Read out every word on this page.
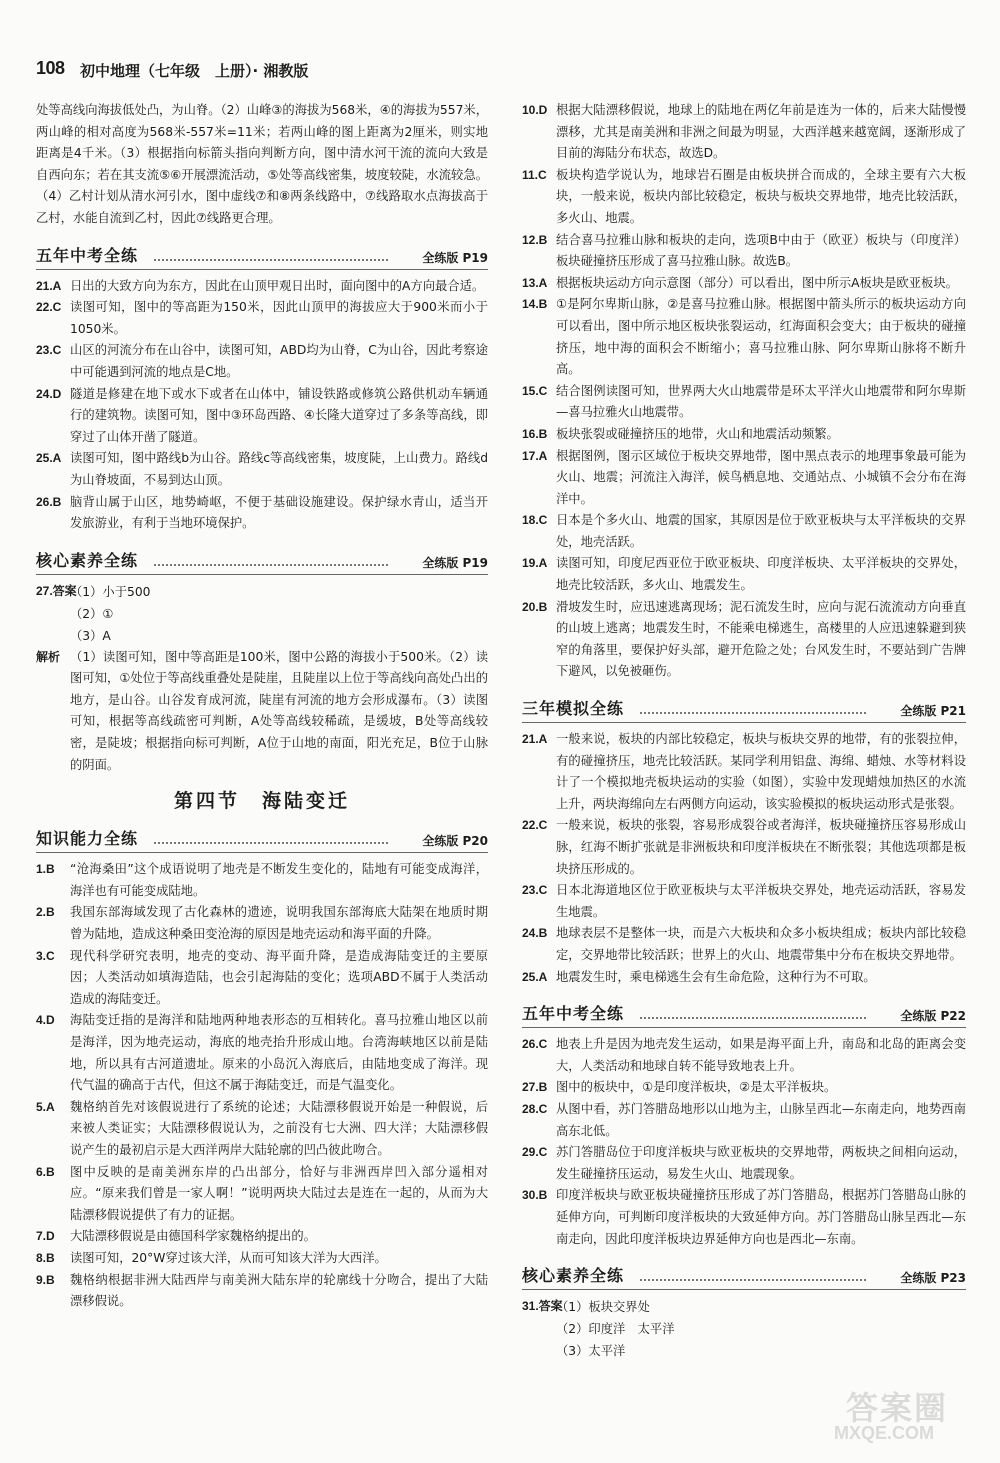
108 初中地理（七年级　上册）· 湘教版

处等高线向海拔低处凸，为山脊。（2）山峰③的海拔为568米，④的海拔为557米，两山峰的相对高度为568米-557米=11米；若两山峰的图上距离为2厘米，则实地距离是4千米。（3）根据指向标箭头指向判断方向，图中清水河干流的流向大致是自西向东；若在其支流⑤⑥开展漂流活动，⑤处等高线密集，坡度较陡，水流较急。（4）乙村计划从清水河引水，图中虚线⑦和⑧两条线路中，⑦线路取水点海拔高于乙村，水能自流到乙村，因此⑦线路更合理。

五年中考全练	全练版 P19
21.A 日出的大致方向为东方，因此在山顶甲观日出时，面向图中的A方向最合适。

22.C 读图可知，图中的等高距为150米，因此山顶甲的海拔应大于900米而小于1050米。

23.C 山区的河流分布在山谷中，读图可知，ABD均为山脊，C为山谷，因此考察途中可能遇到河流的地点是C地。

24.D 隧道是修建在地下或水下或者在山体中，铺设铁路或修筑公路供机动车辆通行的建筑物。读图可知，图中③环岛西路、④长隆大道穿过了多条等高线，即穿过了山体开凿了隧道。

25.A 读图可知，图中路线b为山谷。路线c等高线密集，坡度陡，上山费力。路线d为山脊坡面，不易到达山顶。

26.B 脑背山属于山区，地势崎岖，不便于基础设施建设。保护绿水青山，适当开发旅游业，有利于当地环境保护。

核心素养全练	全练版 P19
27.答案
（1）小于500
（2）①
（3）A
解析 （1）读图可知，图中等高距是100米，图中公路的海拔小于500米。（2）读图可知，①处位于等高线重叠处是陡崖，且陡崖以上位于等高线向高处凸出的地方，是山谷。山谷发育成河流，陡崖有河流的地方会形成瀑布。（3）读图可知，根据等高线疏密可判断，A处等高线较稀疏，是缓坡，B处等高线较密，是陡坡；根据指向标可判断，A位于山地的南面，阳光充足，B位于山脉的阴面。

第四节　海陆变迁
知识能力全练	全练版 P20
1.B “沧海桑田”这个成语说明了地壳是不断发生变化的，陆地有可能变成海洋，海洋也有可能变成陆地。

2.B 我国东部海域发现了古化森林的遗迹，说明我国东部海底大陆架在地质时期曾为陆地，造成这种桑田变沧海的原因是地壳运动和海平面的升降。

3.C 现代科学研究表明，地壳的变动、海平面升降，是造成海陆变迁的主要原因；人类活动如填海造陆，也会引起海陆的变化；选项ABD不属于人类活动造成的海陆变迁。

4.D 海陆变迁指的是海洋和陆地两种地表形态的互相转化。喜马拉雅山地区以前是海洋，因为地壳运动，海底的地壳抬升形成山地。台湾海峡地区以前是陆地，所以具有古河道遗址。原来的小岛沉入海底后，由陆地变成了海洋。现代气温的确高于古代，但这不属于海陆变迁，而是气温变化。

5.A 魏格纳首先对该假说进行了系统的论述；大陆漂移假说开始是一种假说，后来被人类证实；大陆漂移假说认为，之前没有七大洲、四大洋；大陆漂移假说产生的最初启示是大西洋两岸大陆轮廓的凹凸彼此吻合。

6.B 图中反映的是南美洲东岸的凸出部分，恰好与非洲西岸凹入部分遥相对应。“原来我们曾是一家人啊！”说明两块大陆过去是连在一起的，从而为大陆漂移假说提供了有力的证据。

7.D 大陆漂移假说是由德国科学家魏格纳提出的。

8.B 读图可知，20°W穿过该大洋，从而可知该大洋为大西洋。

9.B 魏格纳根据非洲大陆西岸与南美洲大陆东岸的轮廓线十分吻合，提出了大陆漂移假说。

10.D 根据大陆漂移假说，地球上的陆地在两亿年前是连为一体的，后来大陆慢慢漂移，尤其是南美洲和非洲之间最为明显，大西洋越来越宽阔，逐渐形成了目前的海陆分布状态，故选D。

11.C 板块构造学说认为，地球岩石圈是由板块拼合而成的，全球主要有六大板块，一般来说，板块内部比较稳定，板块与板块交界地带，地壳比较活跃，多火山、地震。

12.B 结合喜马拉雅山脉和板块的走向，选项B中由于（欧亚）板块与（印度洋）板块碰撞挤压形成了喜马拉雅山脉。故选B。

13.A 根据板块运动方向示意图（部分）可以看出，图中所示A板块是欧亚板块。

14.B ①是阿尔卑斯山脉，②是喜马拉雅山脉。根据图中箭头所示的板块运动方向可以看出，图中所示地区板块张裂运动，红海面积会变大；由于板块的碰撞挤压，地中海的面积会不断缩小；喜马拉雅山脉、阿尔卑斯山脉将不断升高。

15.C 结合图例读图可知，世界两大火山地震带是环太平洋火山地震带和阿尔卑斯—喜马拉雅火山地震带。

16.B 板块张裂或碰撞挤压的地带，火山和地震活动频繁。

17.A 根据图例，图示区域位于板块交界地带，图中黑点表示的地理事象最可能为火山、地震；河流注入海洋，候鸟栖息地、交通站点、小城镇不会分布在海洋中。

18.C 日本是个多火山、地震的国家，其原因是位于欧亚板块与太平洋板块的交界处，地壳活跃。

19.A 读图可知，印度尼西亚位于欧亚板块、印度洋板块、太平洋板块的交界处，地壳比较活跃，多火山、地震发生。

20.B 滑坡发生时，应迅速逃离现场；泥石流发生时，应向与泥石流流动方向垂直的山坡上逃离；地震发生时，不能乘电梯逃生，高楼里的人应迅速躲避到狭窄的角落里，要保护好头部，避开危险之处；台风发生时，不要站到广告牌下避风，以免被砸伤。

三年模拟全练	全练版 P21
21.A 一般来说，板块的内部比较稳定，板块与板块交界的地带，有的张裂拉伸，有的碰撞挤压，地壳比较活跃。某同学利用铝盘、海绵、蜡烛、水等材料设计了一个模拟地壳板块运动的实验（如图），实验中发现蜡烛加热区的水流上升，两块海绵向左右两侧方向运动，该实验模拟的板块运动形式是张裂。

22.C 一般来说，板块的张裂，容易形成裂谷或者海洋，板块碰撞挤压容易形成山脉，红海不断扩张就是非洲板块和印度洋板块在不断张裂；其他选项都是板块挤压形成的。

23.C 日本北海道地区位于欧亚板块与太平洋板块交界处，地壳运动活跃，容易发生地震。

24.B 地球表层不是整体一块，而是六大板块和众多小板块组成；板块内部比较稳定，交界地带比较活跃；世界上的火山、地震带集中分布在板块交界地带。

25.A 地震发生时，乘电梯逃生会有生命危险，这种行为不可取。

五年中考全练	全练版 P22
26.C 地表上升是因为地壳发生运动，如果是海平面上升，南岛和北岛的距离会变大，人类活动和地球自转不能导致地表上升。

27.B 图中的板块中，①是印度洋板块，②是太平洋板块。

28.C 从图中看，苏门答腊岛地形以山地为主，山脉呈西北—东南走向，地势西南高东北低。

29.C 苏门答腊岛位于印度洋板块与欧亚板块的交界地带，两板块之间相向运动，发生碰撞挤压运动，易发生火山、地震现象。

30.B 印度洋板块与欧亚板块碰撞挤压形成了苏门答腊岛，根据苏门答腊岛山脉的延伸方向，可判断印度洋板块的大致延伸方向。苏门答腊岛山脉呈西北—东南走向，因此印度洋板块边界延伸方向也是西北—东南。

核心素养全练	全练版 P23
31.答案
（1）板块交界处
（2）印度洋　太平洋
（3）太平洋
答案圈
MXQE.COM
